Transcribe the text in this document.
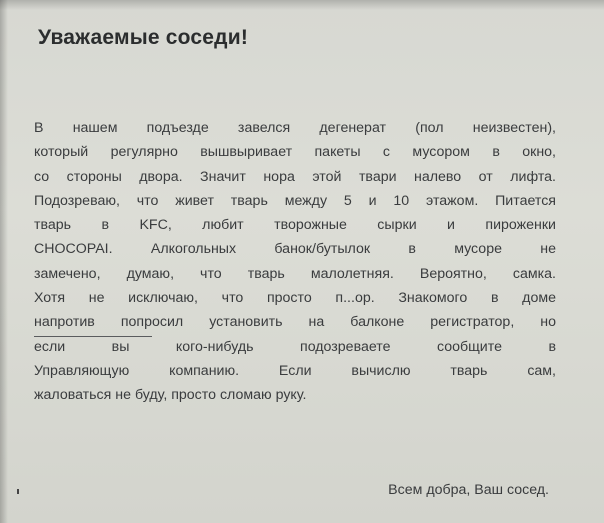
Уважаемые соседи!
В нашем подъезде завелся дегенерат (пол неизвестен),
который регулярно вышвыривает пакеты с мусором в окно,
со стороны двора. Значит нора этой твари налево от лифта.
Подозреваю, что живет тварь между 5 и 10 этажом. Питается
тварь в KFC, любит творожные сырки и пироженки
CHOCOPAI. Алкогольных банок/бутылок в мусоре не
замечено, думаю, что тварь малолетняя. Вероятно, самка.
Хотя не исключаю, что просто п...ор. Знакомого в доме
напротив попросил установить на балконе регистратор, но
если вы кого-нибудь подозреваете сообщите в
Управляющую компанию. Если вычислю тварь сам,
жаловаться не буду, просто сломаю руку.
Всем добра, Ваш сосед.
